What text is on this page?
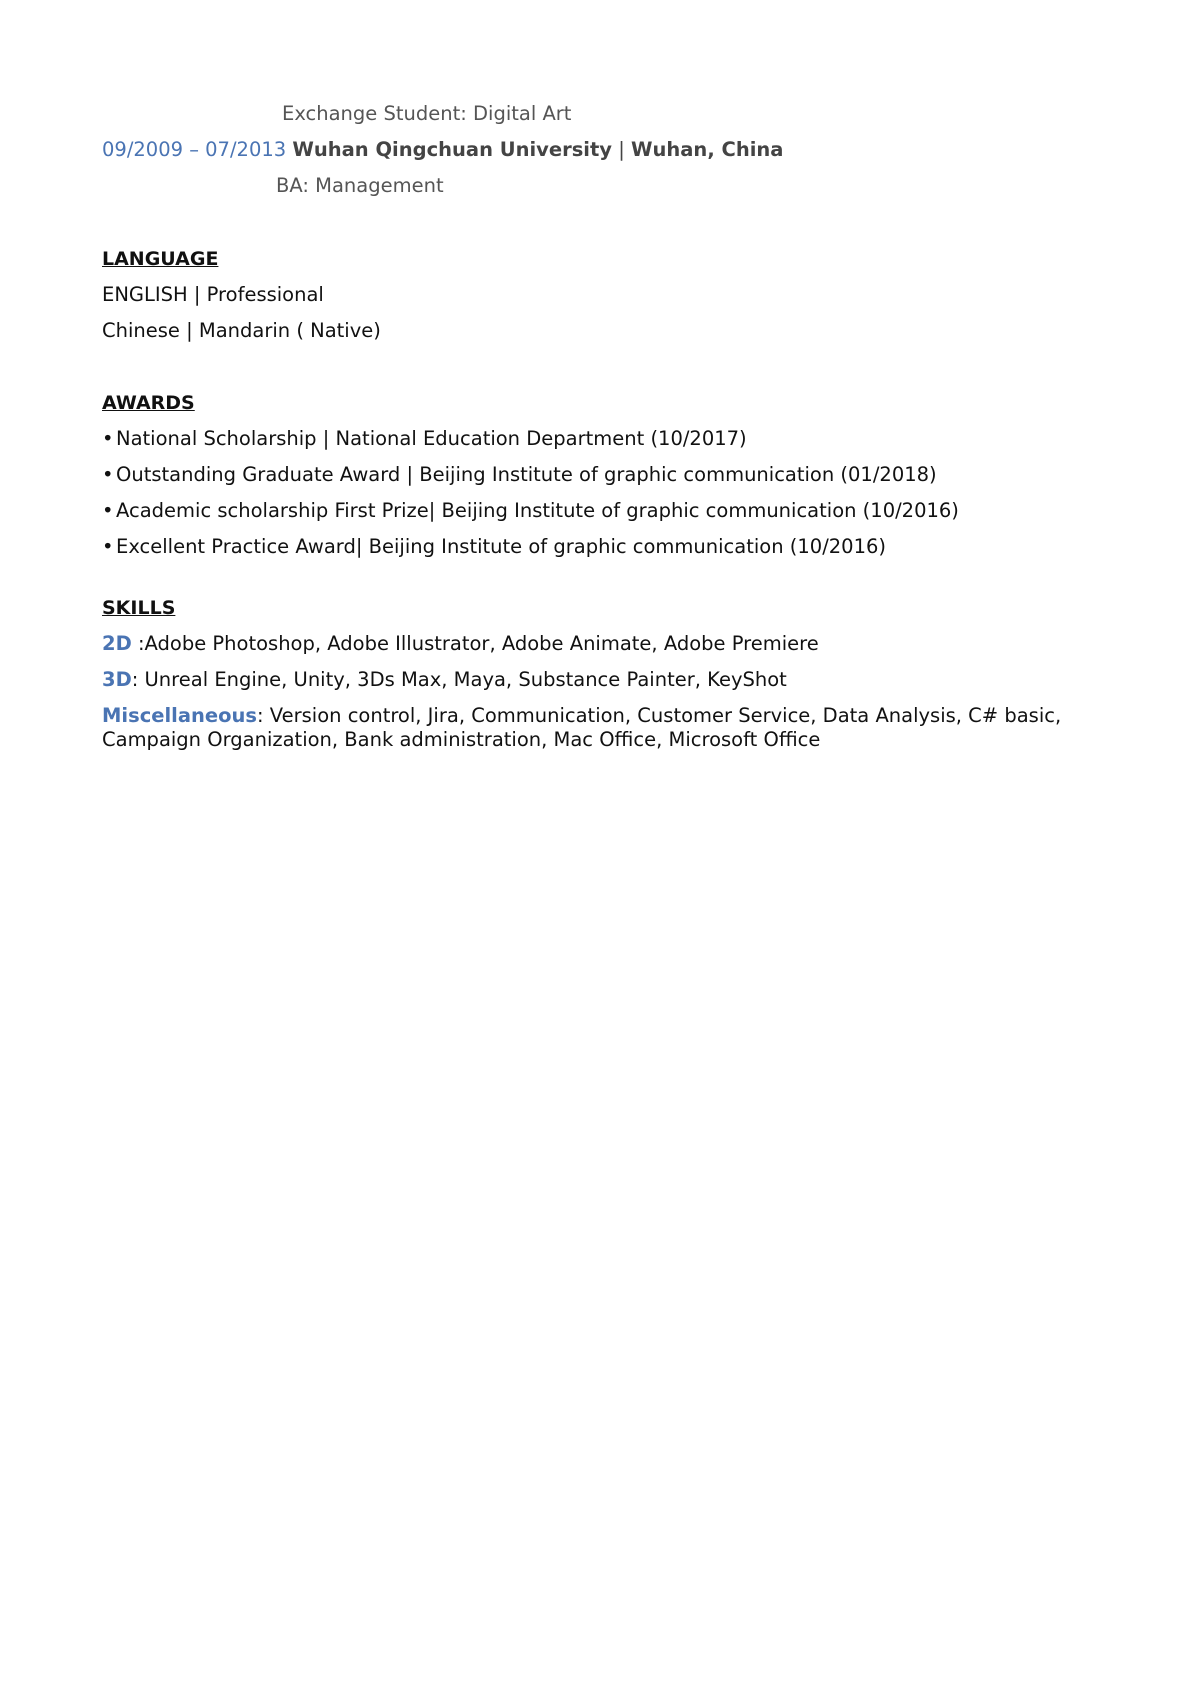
Exchange Student: Digital Art
09/2009 – 07/2013 Wuhan Qingchuan University | Wuhan, China
BA: Management
LANGUAGE
ENGLISH | Professional
Chinese | Mandarin ( Native)
AWARDS
• National Scholarship | National Education Department (10/2017)
• Outstanding Graduate Award | Beijing Institute of graphic communication (01/2018)
• Academic scholarship First Prize| Beijing Institute of graphic communication (10/2016)
• Excellent Practice Award| Beijing Institute of graphic communication (10/2016)
SKILLS
2D :Adobe Photoshop, Adobe Illustrator, Adobe Animate, Adobe Premiere
3D: Unreal Engine, Unity, 3Ds Max, Maya, Substance Painter, KeyShot
Miscellaneous: Version control, Jira, Communication, Customer Service, Data Analysis, C# basic, Campaign Organization, Bank administration, Mac Office, Microsoft Office
